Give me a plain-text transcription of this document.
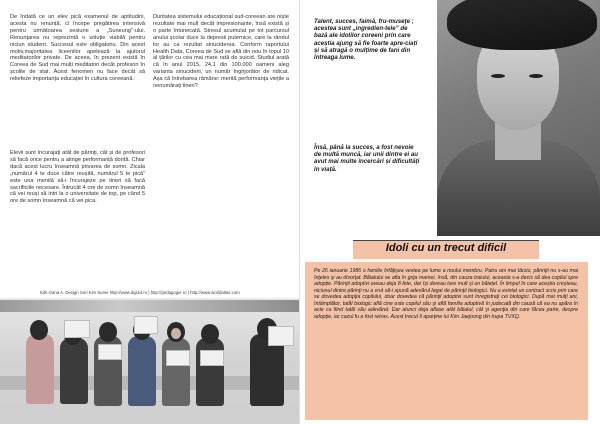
De îndată ce un elev pică examenul de aptitudini, acesta nu renunță, ci începe pregătirea intensivă pentru următoarea sesiune a „Suneung”-ului. Renunțarea nu reprezintă o soluție viabilă pentru niciun student. Succesul este obligatoriu. Din acest motiv,majoritatea liceenilor apelează la ajutorul meditatorilor private. De aceea, în prezent există în Coreea de Sud mai mulți meditatori decât profesori în școlile de stat. Acest fenomen nu face decât să reliefeze importanța educației în cultura coreeană.
Duritatea sistemului educațional sud-coreean are niște rezultate mai mult decât impresionante, însă există și o parte întunecată. Stresul acumulat pe tot parcursul anului școlar duce la depresii puternice, care la rândul lor au ca rezultat sinuciderea. Conform raportului Health Data, Coreea de Sud se află din nou în topul 10 al țărilor cu cea mai mare rată de suicid. Studiul arată că în anul 2015, 24,1 din 100.000 oameni aleg varianta sinuciderii, un număr îngrijorător de ridicat. Așa că întrebarea rămâne: merită performanța viețile a nenumărați tineri?
Elevii sunt încurajați atât de părinți, cât și de profesori să facă orice pentru a atinge performanță dorită. Chiar dacă acest lucru înseamnă privarea de somn. Zicala „numărul 4 te duce către reușită, numărul 5 te pică” este una menită să-i încurajeze pe tineri să facă sacrificiile necesare. Întrucât 4 ore de somn înseamnă că vei reuși să intri la o universitate de top, pe când 5 ore de somn înseamnă că vei pica.
Edit Oana A. Design Sori Kim Surse http://www.digi24.ro | http://pedagogie.ro | http://www.worldatlas.com
Talent, succes, faimă, fru-museţe ; acestea sunt „ingredien-tele” de bază ale idolilor coreeni prin care aceștia ajung să fie foarte apre-ciați și să atragă o mulțime de fani din întreaga lume.
Însă, până la succes, a fost nevoie de multă muncă, iar unii dintre ei au avut mai multe încercări și dificultăți în viață.
Idoli cu un trecut dificil
Pe 26 ianuarie 1986 o familie înfăţişea vestea pe lume a noului membru. Patru ani mai târziu, părinţii nu s-au mai înţeles şi au divorţat. Băiatului se afla în grija mamei, însă, din cauza traiului, aceasta s-a decis să dea copilul spre adopţie. Părinţii adoptivi aveau deja 8 fete, dar îşi doreau tare mult şi un băieţel. În timpul în care aceştia creşteau, niciunul dintre părinţi nu a vrut să-i spună adevărul legat de părinţii biologici. Nu a existat un contract scris prin care se dovedea adopţia copilului, doar dovedea că părinţii adoptivi sunt înregistraţi cei biologici. După mai mulţi ani, întâmplător, tatăl biologic află cine este copilul său şi află familia adoptivă în judecată din cauză că ea nu apăra în acte ca fiind tatăl său adevărat. Dar atunci deja aflase atât băiatul, cât şi agenţia din care făcea parte, despre adopţie, iar cazul fu a fost retras. Acest trecut îi aparţine lui Kim Jaejoong din trupa TVXQ.
